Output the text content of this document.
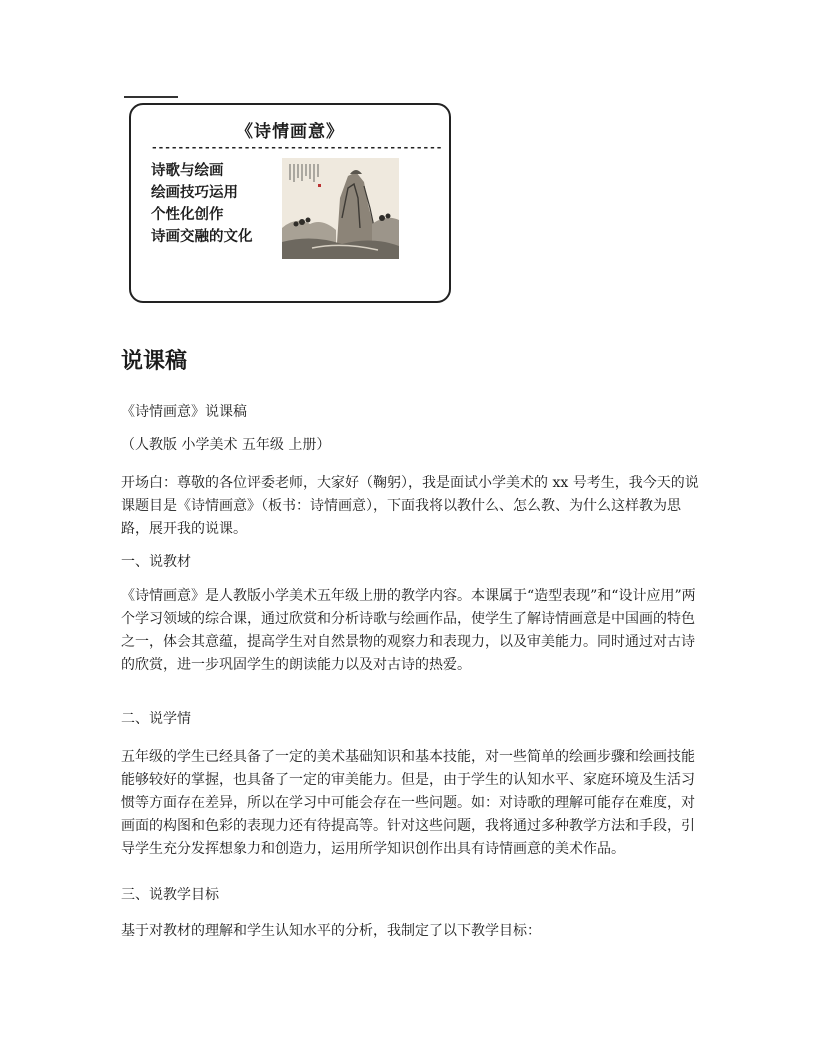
《诗情画意》
--------------------------------------------
诗歌与绘画
绘画技巧运用
个性化创作
诗画交融的文化
说课稿

《诗情画意》说课稿

（人教版 小学美术 五年级 上册）

开场白：尊敬的各位评委老师，大家好（鞠躬），我是面试小学美术的 xx 号考生，我今天的说课题目是《诗情画意》（板书：诗情画意），下面我将以教什么、怎么教、为什么这样教为思路，展开我的说课。

一、说教材

《诗情画意》是人教版小学美术五年级上册的教学内容。本课属于“造型表现”和“设计应用”两个学习领域的综合课，通过欣赏和分析诗歌与绘画作品，使学生了解诗情画意是中国画的特色之一，体会其意蕴，提高学生对自然景物的观察力和表现力，以及审美能力。同时通过对古诗的欣赏，进一步巩固学生的朗读能力以及对古诗的热爱。

二、说学情

五年级的学生已经具备了一定的美术基础知识和基本技能，对一些简单的绘画步骤和绘画技能能够较好的掌握，也具备了一定的审美能力。但是，由于学生的认知水平、家庭环境及生活习惯等方面存在差异，所以在学习中可能会存在一些问题。如：对诗歌的理解可能存在难度，对画面的构图和色彩的表现力还有待提高等。针对这些问题，我将通过多种教学方法和手段，引导学生充分发挥想象力和创造力，运用所学知识创作出具有诗情画意的美术作品。

三、说教学目标

基于对教材的理解和学生认知水平的分析，我制定了以下教学目标：
